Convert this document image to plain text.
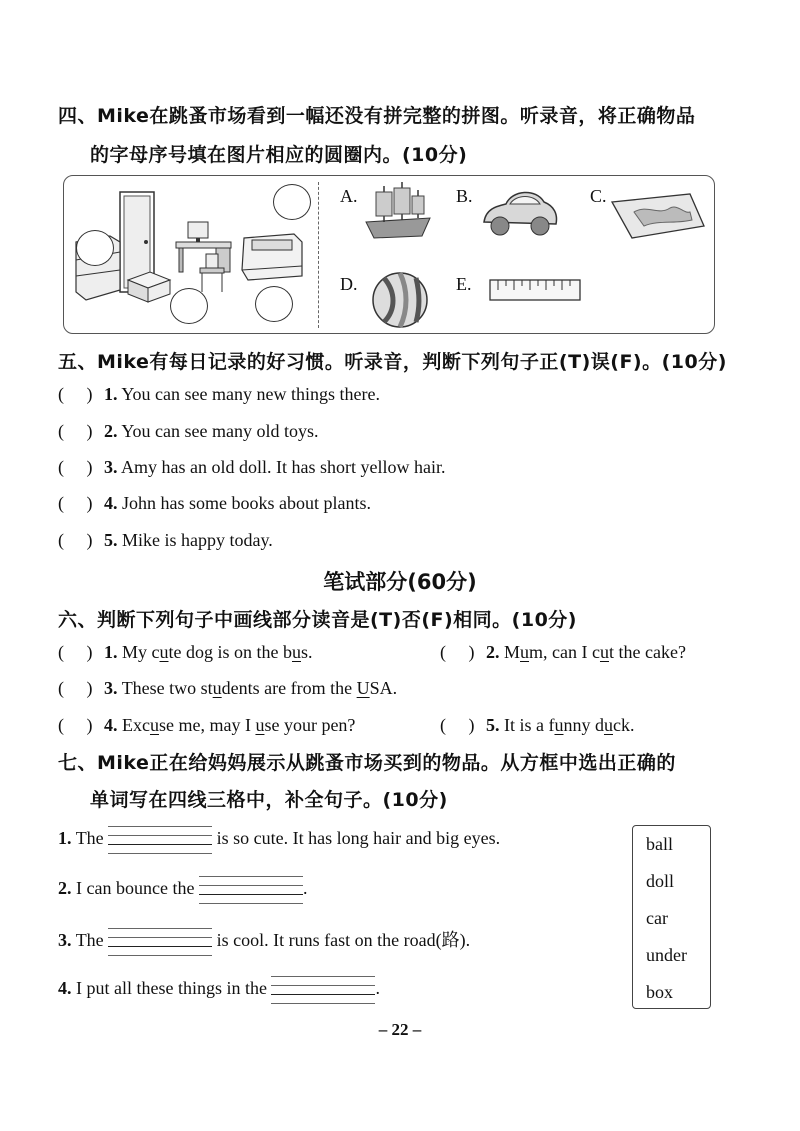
四、Mike在跳蚤市场看到一幅还没有拼完整的拼图。听录音，将正确物品
的字母序号填在图片相应的圆圈内。(10分)
A.	B.	C.
D.	E.
五、Mike有每日记录的好习惯。听录音，判断下列句子正(T)误(F)。(10分)
(     ) 1. You can see many new things there.
(     ) 2. You can see many old toys.
(     ) 3. Amy has an old doll. It has short yellow hair.
(     ) 4. John has some books about plants.
(     ) 5. Mike is happy today.
笔试部分(60分)
六、判断下列句子中画线部分读音是(T)否(F)相同。(10分)
(     ) 1. My cute dog is on the bus.	(     ) 2. Mum, can I cut the cake?
(     ) 3. These two students are from the USA.
(     ) 4. Excuse me, may I use your pen?	(     ) 5. It is a funny duck.
七、Mike正在给妈妈展示从跳蚤市场买到的物品。从方框中选出正确的
单词写在四线三格中，补全句子。(10分)
1. The	is so cute. It has long hair and big eyes.
2. I can bounce the	.
3. The	is cool. It runs fast on the road(路).
4. I put all these things in the	.
ball
doll
car
under
box
– 22 –
